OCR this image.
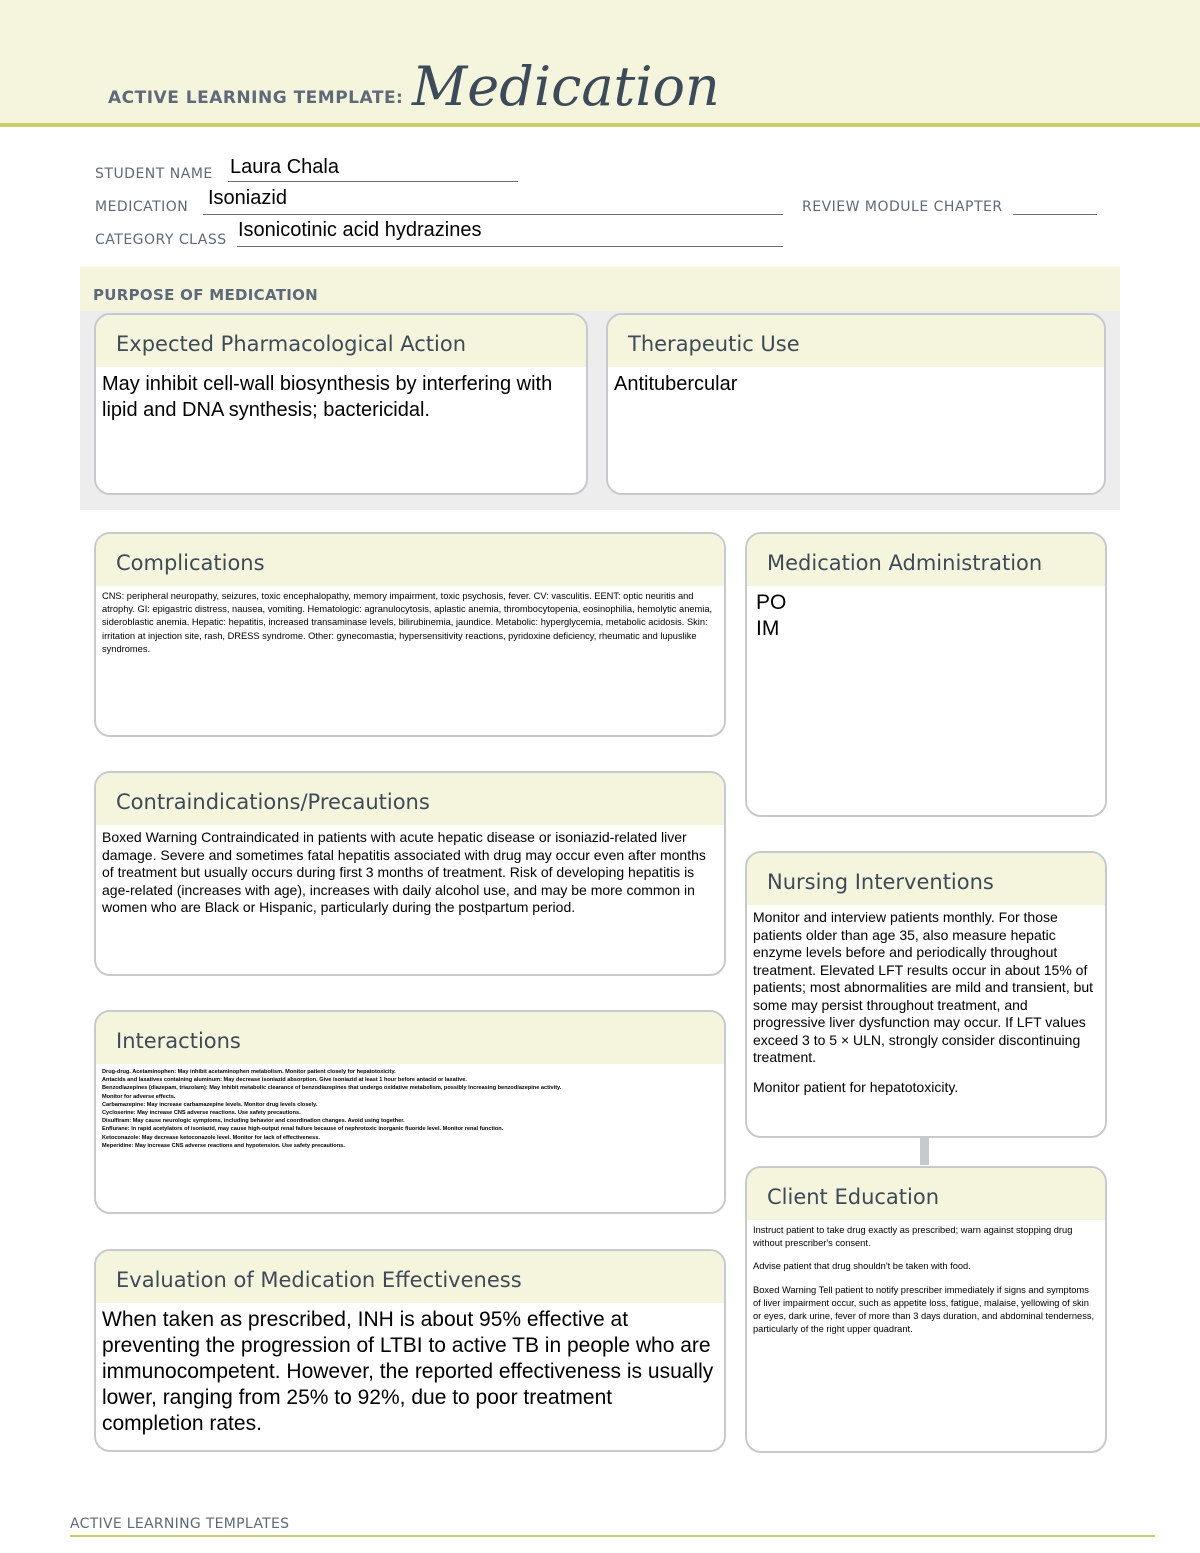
ACTIVE LEARNING TEMPLATE: Medication
STUDENT NAME Laura Chala
MEDICATION Isoniazid	REVIEW MODULE CHAPTER
CATEGORY CLASS Isonicotinic acid hydrazines
PURPOSE OF MEDICATION
Expected Pharmacological Action
May inhibit cell-wall biosynthesis by interfering with lipid and DNA synthesis; bactericidal.
Therapeutic Use
Antitubercular
Complications
CNS: peripheral neuropathy, seizures, toxic encephalopathy, memory impairment, toxic psychosis, fever. CV: vasculitis. EENT: optic neuritis and atrophy. GI: epigastric distress, nausea, vomiting. Hematologic: agranulocytosis, aplastic anemia, thrombocytopenia, eosinophilia, hemolytic anemia, sideroblastic anemia. Hepatic: hepatitis, increased transaminase levels, bilirubinemia, jaundice. Metabolic: hyperglycemia, metabolic acidosis. Skin: irritation at injection site, rash, DRESS syndrome. Other: gynecomastia, hypersensitivity reactions, pyridoxine deficiency, rheumatic and lupuslike syndromes.
Medication Administration
PO
IM
Contraindications/Precautions
Boxed Warning Contraindicated in patients with acute hepatic disease or isoniazid-related liver damage. Severe and sometimes fatal hepatitis associated with drug may occur even after months of treatment but usually occurs during first 3 months of treatment. Risk of developing hepatitis is age-related (increases with age), increases with daily alcohol use, and may be more common in women who are Black or Hispanic, particularly during the postpartum period.
Nursing Interventions

Monitor and interview patients monthly. For those patients older than age 35, also measure hepatic enzyme levels before and periodically throughout treatment. Elevated LFT results occur in about 15% of patients; most abnormalities are mild and transient, but some may persist throughout treatment, and progressive liver dysfunction may occur. If LFT values exceed 3 to 5 × ULN, strongly consider discontinuing treatment.

Monitor patient for hepatotoxicity.

Interactions
Drug-drug. Acetaminophen: May inhibit acetaminophen metabolism. Monitor patient closely for hepatotoxicity.
Antacids and laxatives containing aluminum: May decrease isoniazid absorption. Give isoniazid at least 1 hour before antacid or laxative.
Benzodiazepines (diazepam, triazolam): May inhibit metabolic clearance of benzodiazepines that undergo oxidative metabolism, possibly increasing benzodiazepine activity.
Monitor for adverse effects.
Carbamazepine: May increase carbamazepine levels. Monitor drug levels closely.
Cycloserine: May increase CNS adverse reactions. Use safety precautions.
Disulfiram: May cause neurologic symptoms, including behavior and coordination changes. Avoid using together.
Enflurane: In rapid acetylators of isoniazid, may cause high-output renal failure because of nephrotoxic inorganic fluoride level. Monitor renal function.
Ketoconazole: May decrease ketoconazole level. Monitor for lack of effectiveness.
Meperidine: May increase CNS adverse reactions and hypotension. Use safety precautions.
Client Education

Instruct patient to take drug exactly as prescribed; warn against stopping drug without prescriber's consent.

Advise patient that drug shouldn't be taken with food.

Boxed Warning Tell patient to notify prescriber immediately if signs and symptoms of liver impairment occur, such as appetite loss, fatigue, malaise, yellowing of skin or eyes, dark urine, fever of more than 3 days duration, and abdominal tenderness, particularly of the right upper quadrant.

Evaluation of Medication Effectiveness
When taken as prescribed, INH is about 95% effective at preventing the progression of LTBI to active TB in people who are immunocompetent. However, the reported effectiveness is usually lower, ranging from 25% to 92%, due to poor treatment completion rates.
ACTIVE LEARNING TEMPLATES
